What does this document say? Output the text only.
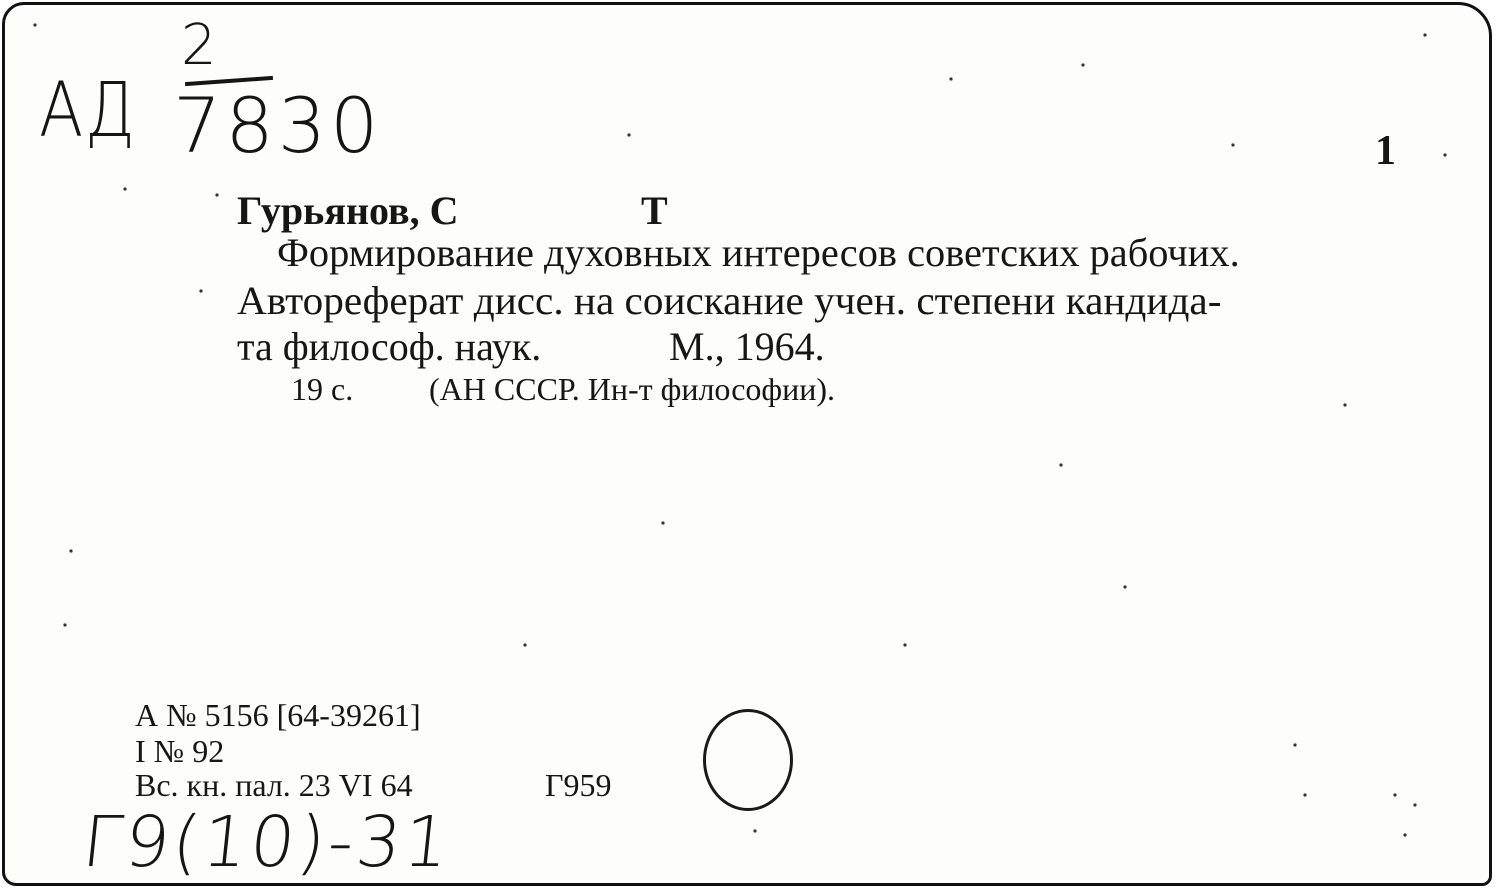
АД
2
7830	1
Гурьянов, С	Т
Формирование духовных интересов советских рабочих.
Автореферат дисс. на соискание учен. степени кандида-
та философ. наук.	М., 1964.
19 с. (АН СССР. Ин-т философии).
А № 5156 [64-39261]
I № 92
Вс. кн. пал. 23 VI 64	Г959
Г9(10)-31
